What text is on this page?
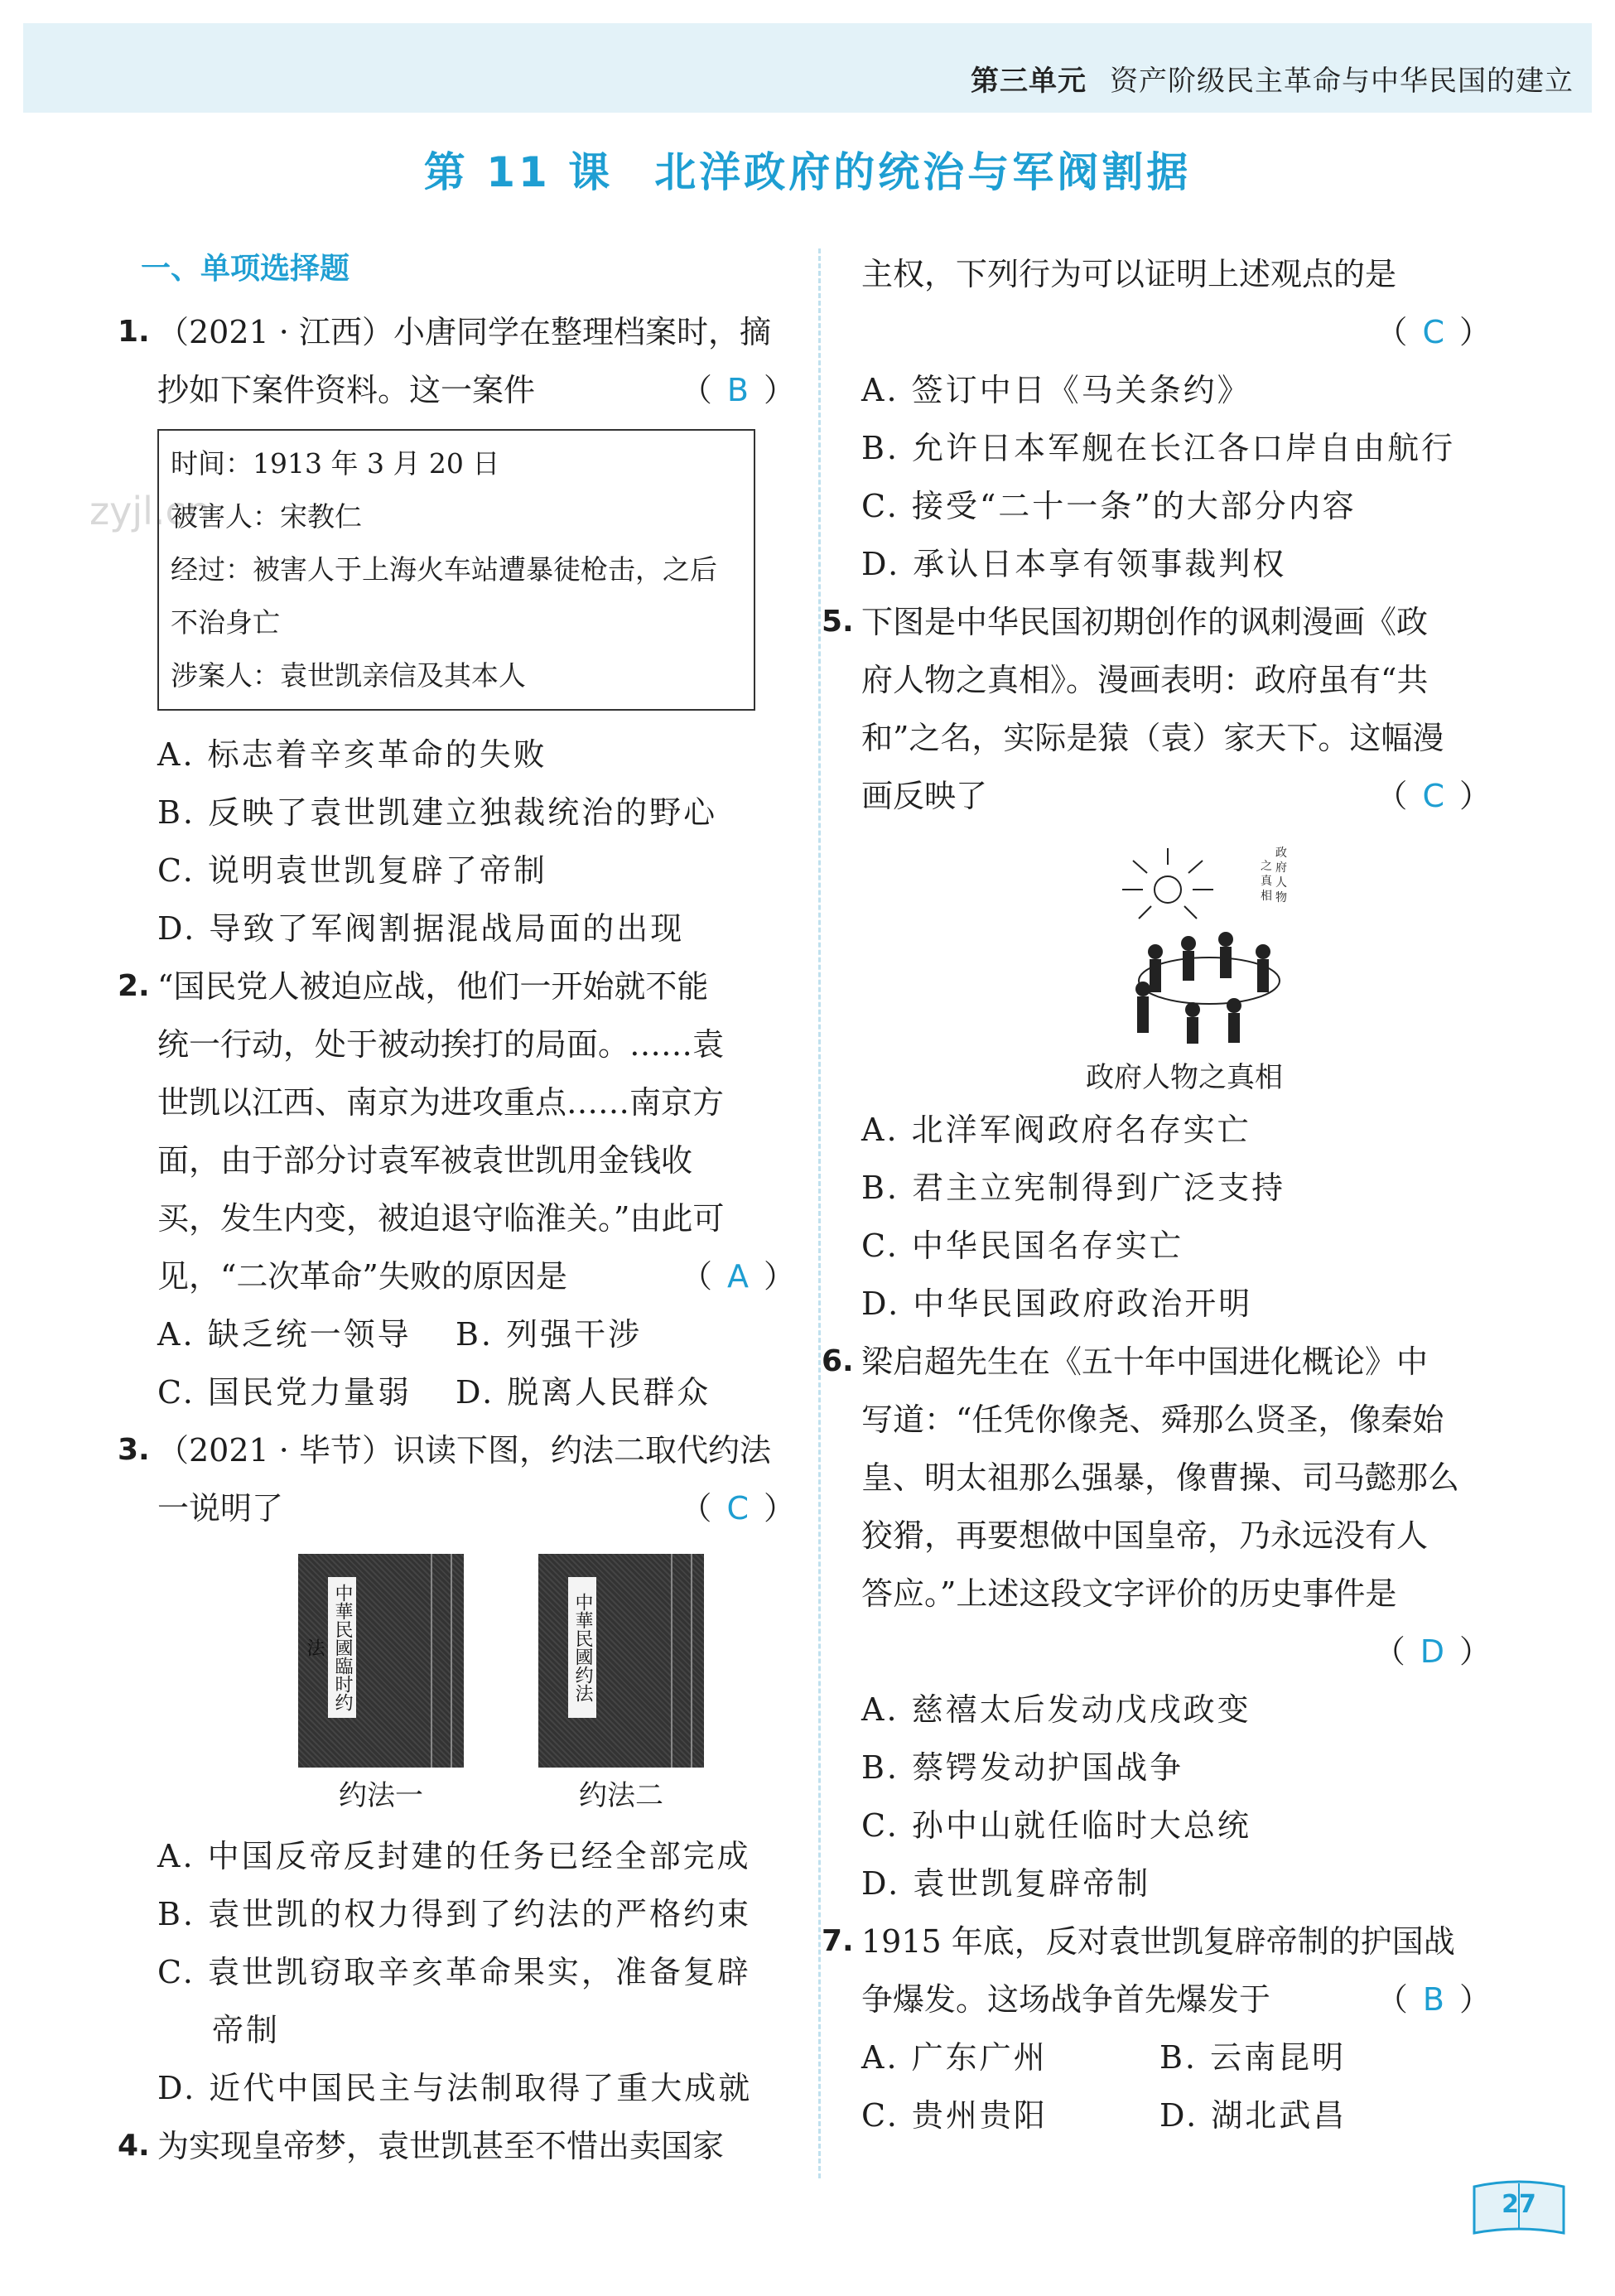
第三单元 资产阶级民主革命与中华民国的建立
第 11 课 北洋政府的统治与军阀割据
zyjl.cn
一、单项选择题
1. （2021 · 江西）小唐同学在整理档案时，摘
抄如下案件资料。这一案件	（ B ）
时间：1913 年 3 月 20 日
被害人：宋教仁
经过：被害人于上海火车站遭暴徒枪击，之后
不治身亡
涉案人：袁世凯亲信及其本人
A. 标志着辛亥革命的失败
B. 反映了袁世凯建立独裁统治的野心
C. 说明袁世凯复辟了帝制
D. 导致了军阀割据混战局面的出现
2. “国民党人被迫应战，他们一开始就不能
统一行动，处于被动挨打的局面。……袁
世凯以江西、南京为进攻重点……南京方
面，由于部分讨袁军被袁世凯用金钱收
买，发生内变，被迫退守临淮关。”由此可
见，“二次革命”失败的原因是	（ A ）
A. 缺乏统一领导	B. 列强干涉
C. 国民党力量弱	D. 脱离人民群众
3. （2021 · 毕节）识读下图，约法二取代约法
一说明了	（ C ）
中華民國臨时约法
约法一
中華民國约法
约法二
A. 中国反帝反封建的任务已经全部完成
B. 袁世凯的权力得到了约法的严格约束
C. 袁世凯窃取辛亥革命果实，准备复辟
帝制
D. 近代中国民主与法制取得了重大成就
4. 为实现皇帝梦，袁世凯甚至不惜出卖国家
主权，下列行为可以证明上述观点的是
（ C ）
A. 签订中日《马关条约》
B. 允许日本军舰在长江各口岸自由航行
C. 接受“二十一条”的大部分内容
D. 承认日本享有领事裁判权
5. 下图是中华民国初期创作的讽刺漫画《政
府人物之真相》。漫画表明：政府虽有“共
和”之名，实际是猿（袁）家天下。这幅漫
画反映了	（ C ）
政
府
人
物
之
真
相
政府人物之真相
A. 北洋军阀政府名存实亡
B. 君主立宪制得到广泛支持
C. 中华民国名存实亡
D. 中华民国政府政治开明
6. 梁启超先生在《五十年中国进化概论》中
写道：“任凭你像尧、舜那么贤圣，像秦始
皇、明太祖那么强暴，像曹操、司马懿那么
狡猾，再要想做中国皇帝，乃永远没有人
答应。”上述这段文字评价的历史事件是
（ D ）
A. 慈禧太后发动戊戌政变
B. 蔡锷发动护国战争
C. 孙中山就任临时大总统
D. 袁世凯复辟帝制
7. 1915 年底，反对袁世凯复辟帝制的护国战
争爆发。这场战争首先爆发于	（ B ）
A. 广东广州	B. 云南昆明
C. 贵州贵阳	D. 湖北武昌
27
